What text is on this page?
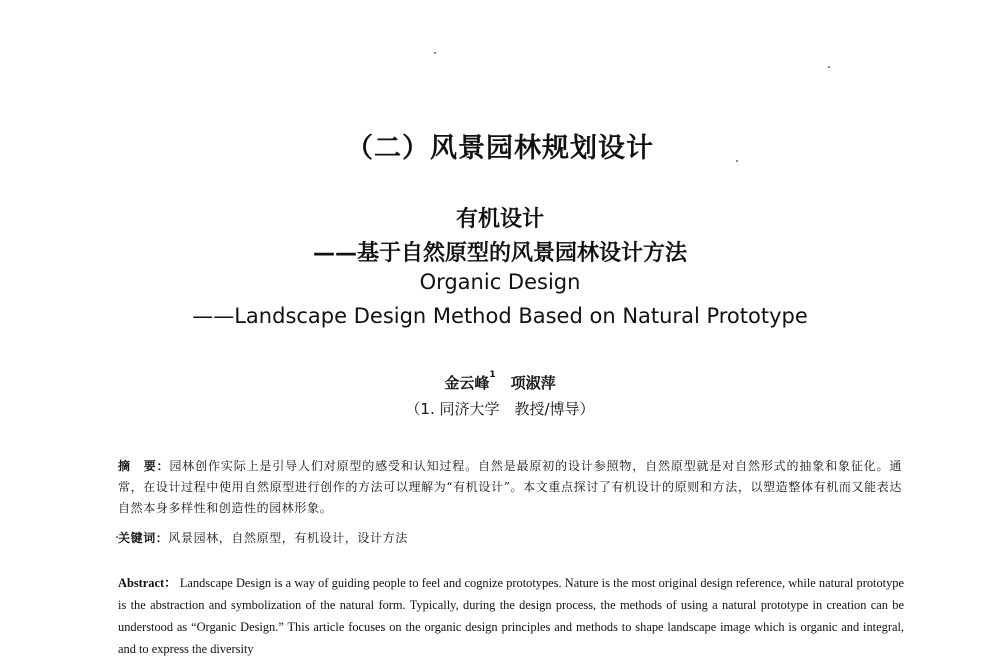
（二）风景园林规划设计
有机设计
——基于自然原型的风景园林设计方法
Organic Design
——Landscape Design Method Based on Natural Prototype
金云峰$^1$　 项淑萍
（1. 同济大学　教授/博导）
摘　要：园林创作实际上是引导人们对原型的感受和认知过程。自然是最原初的设计参照物，自然原型就是对自然形式的抽象和象征化。通常，在设计过程中使用自然原型进行创作的方法可以理解为“有机设计”。本文重点探讨了有机设计的原则和方法，以塑造整体有机而又能表达自然本身多样性和创造性的园林形象。
关键词：风景园林，自然原型，有机设计，设计方法
Abstract： Landscape Design is a way of guiding people to feel and cognize prototypes. Nature is the most original design reference, while natural prototype is the abstraction and symbolization of the natural form. Typically, during the design process, the methods of using a natural prototype in creation can be understood as “Organic Design.” This article focuses on the organic design principles and methods to shape landscape image which is organic and integral, and to express the diversity
